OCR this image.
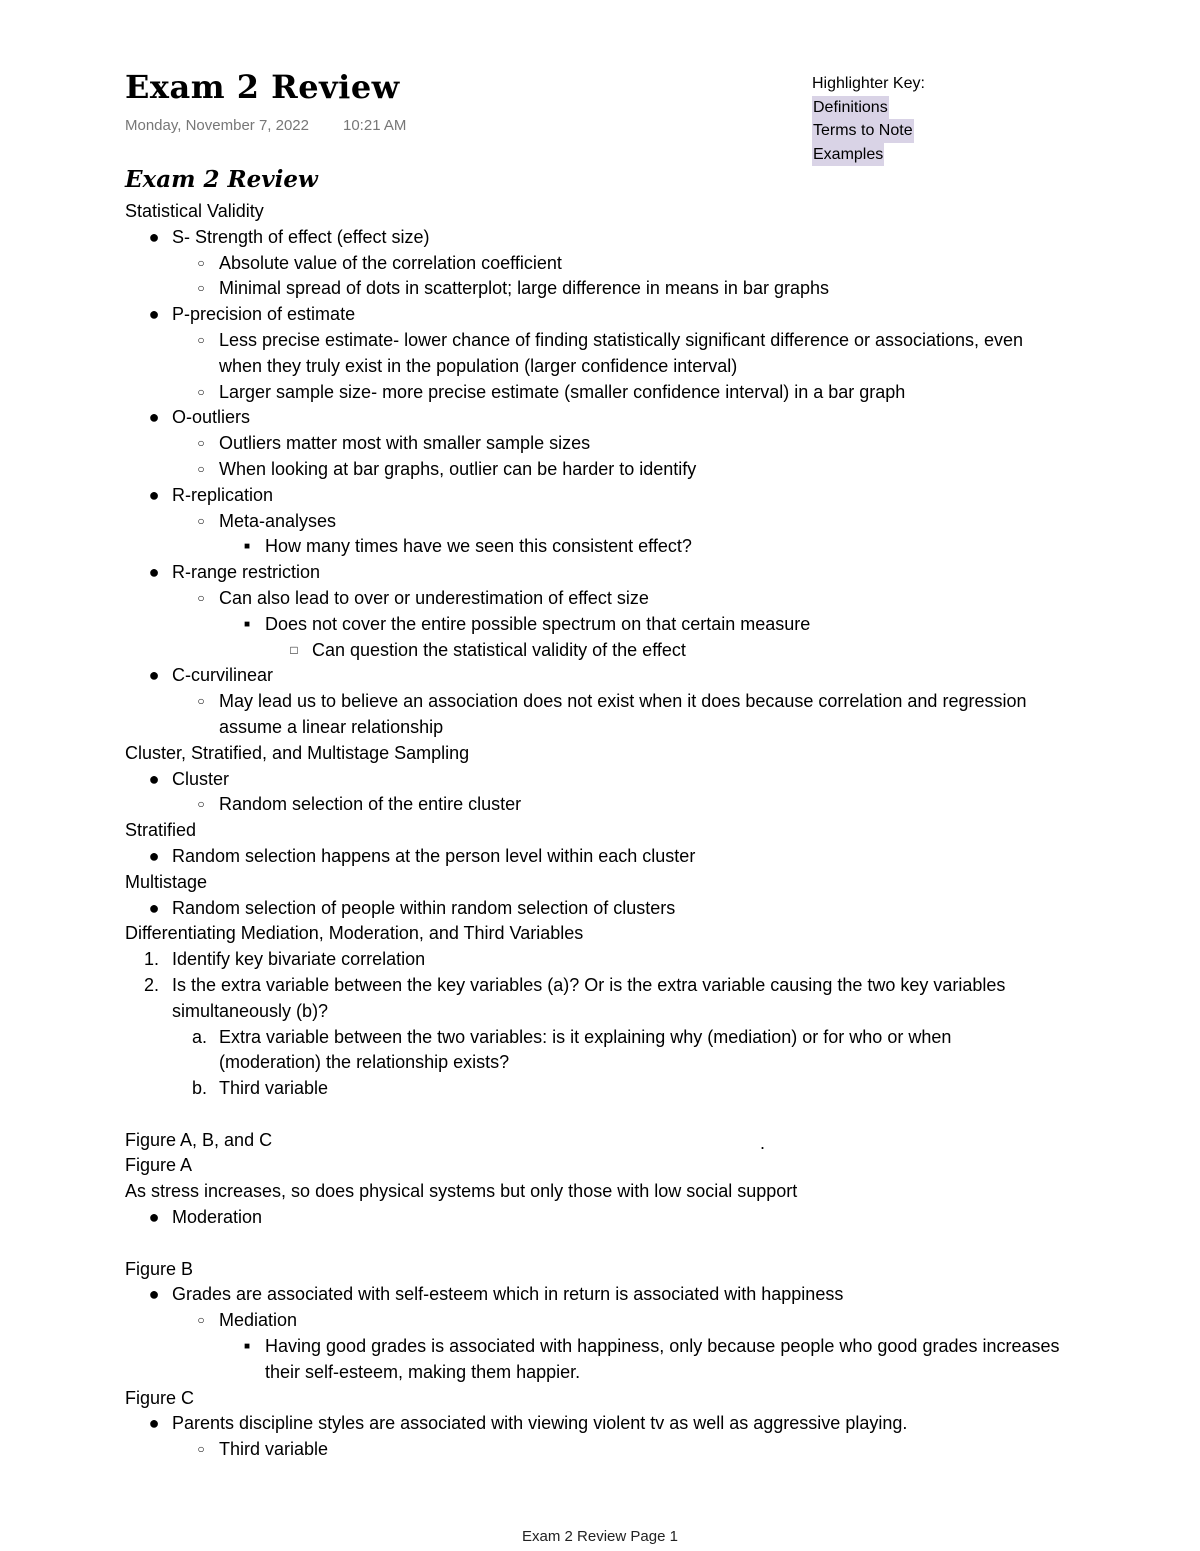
Exam 2 Review
Monday, November 7, 2022 10:21 AM
Highlighter Key:
Definitions
Terms to Note
Examples
Exam 2 Review
Statistical Validity
● S- Strength of effect (effect size)
○ Absolute value of the correlation coefficient
○ Minimal spread of dots in scatterplot; large difference in means in bar graphs
● P-precision of estimate
○ Less precise estimate- lower chance of finding statistically significant difference or associations, even
when they truly exist in the population (larger confidence interval)
○ Larger sample size- more precise estimate (smaller confidence interval) in a bar graph
● O-outliers
○ Outliers matter most with smaller sample sizes
○ When looking at bar graphs, outlier can be harder to identify
● R-replication
○ Meta-analyses
■ How many times have we seen this consistent effect?
● R-range restriction
○ Can also lead to over or underestimation of effect size
■ Does not cover the entire possible spectrum on that certain measure
□ Can question the statistical validity of the effect
● C-curvilinear
○ May lead us to believe an association does not exist when it does because correlation and regression
assume a linear relationship
Cluster, Stratified, and Multistage Sampling
● Cluster
○ Random selection of the entire cluster
Stratified
● Random selection happens at the person level within each cluster
Multistage
● Random selection of people within random selection of clusters
Differentiating Mediation, Moderation, and Third Variables
1. Identify key bivariate correlation
2. Is the extra variable between the key variables (a)? Or is the extra variable causing the two key variables
simultaneously (b)?
a. Extra variable between the two variables: is it explaining why (mediation) or for who or when
(moderation) the relationship exists?
b. Third variable
Figure A, B, and C
Figure A
As stress increases, so does physical systems but only those with low social support
● Moderation
Figure B
● Grades are associated with self-esteem which in return is associated with happiness
○ Mediation
■ Having good grades is associated with happiness, only because people who good grades increases
their self-esteem, making them happier.
Figure C
● Parents discipline styles are associated with viewing violent tv as well as aggressive playing.
○ Third variable
.
Exam 2 Review Page 1
